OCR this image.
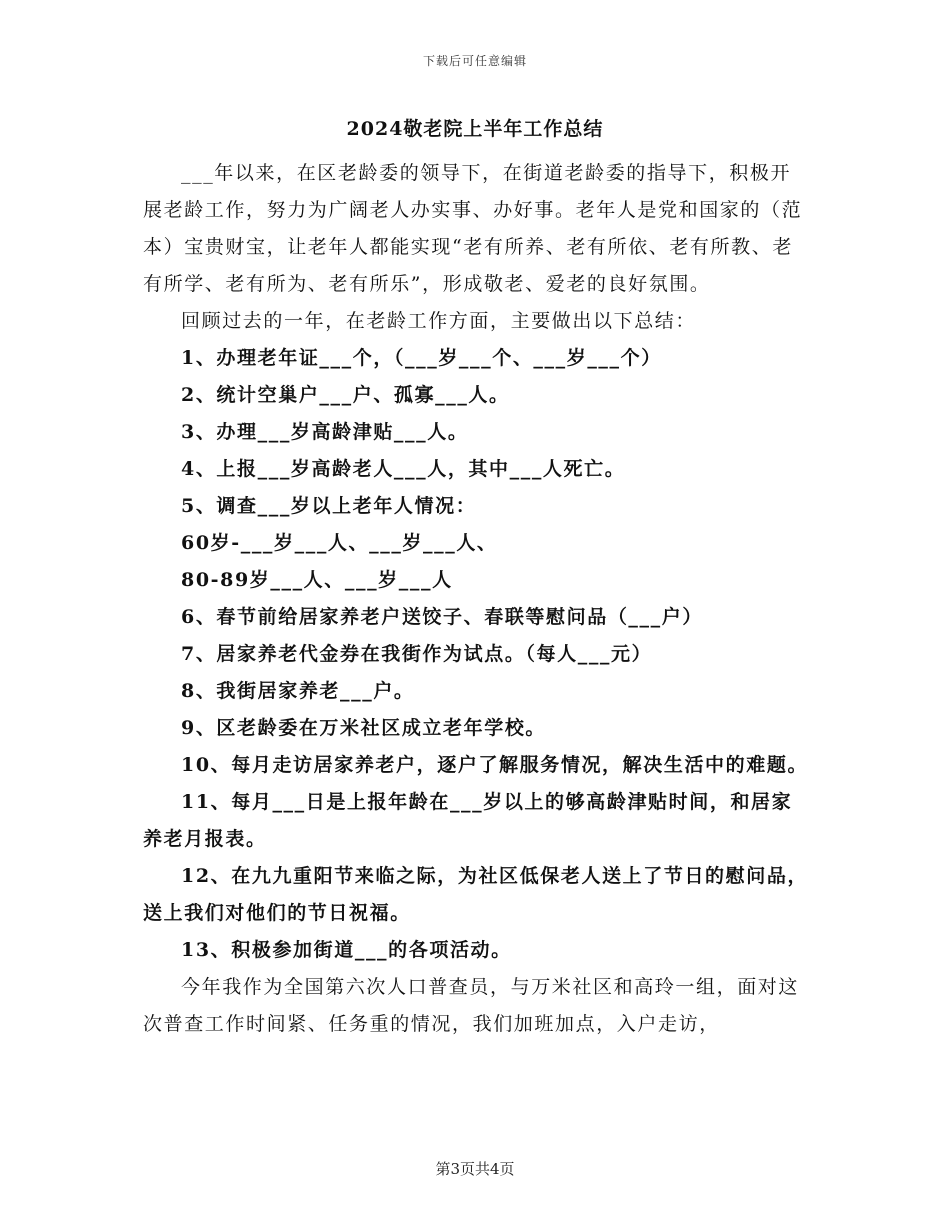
下载后可任意编辑
2024敬老院上半年工作总结

___年以来，在区老龄委的领导下，在街道老龄委的指导下，积极开展老龄工作，努力为广阔老人办实事、办好事。老年人是党和国家的（范本）宝贵财宝，让老年人都能实现“老有所养、老有所依、老有所教、老有所学、老有所为、老有所乐”，形成敬老、爱老的良好氛围。

回顾过去的一年，在老龄工作方面，主要做出以下总结：

1、办理老年证___个，（___岁___个、___岁___个）

2、统计空巢户___户、孤寡___人。

3、办理___岁高龄津贴___人。

4、上报___岁高龄老人___人，其中___人死亡。

5、调查___岁以上老年人情况：

60岁-___岁___人、___岁___人、

80-89岁___人、___岁___人

6、春节前给居家养老户送饺子、春联等慰问品（___户）

7、居家养老代金券在我街作为试点。（每人___元）

8、我街居家养老___户。

9、区老龄委在万米社区成立老年学校。

10、每月走访居家养老户，逐户了解服务情况，解决生活中的难题。

11、每月___日是上报年龄在___岁以上的够高龄津贴时间，和居家养老月报表。

12、在九九重阳节来临之际，为社区低保老人送上了节日的慰问品，送上我们对他们的节日祝福。

13、积极参加街道___的各项活动。

今年我作为全国第六次人口普查员，与万米社区和高玲一组，面对这次普查工作时间紧、任务重的情况，我们加班加点，入户走访，

第3页共4页
